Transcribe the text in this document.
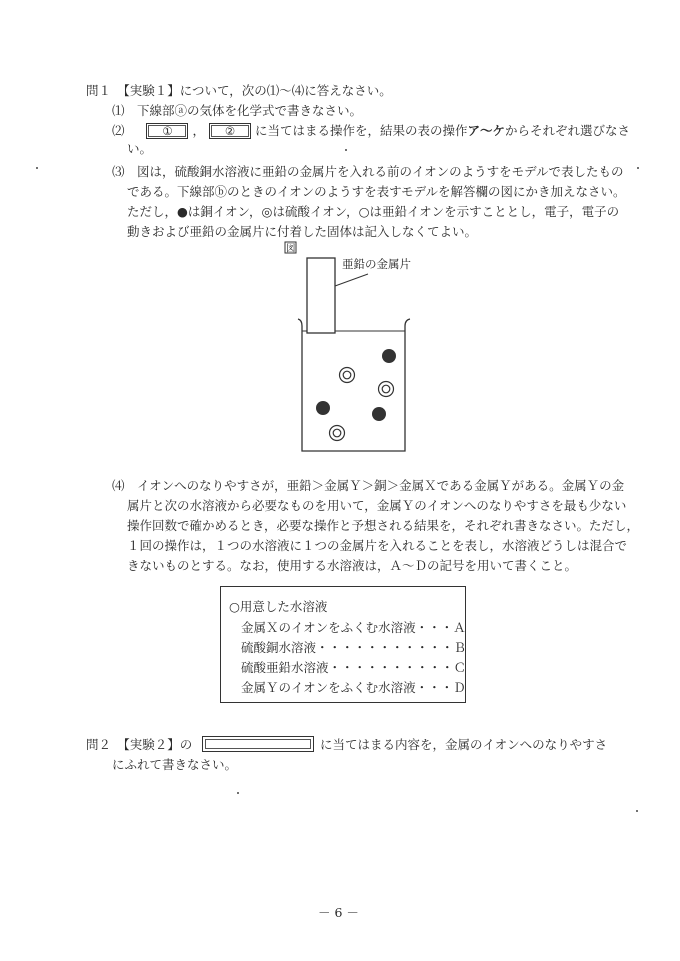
問１　【実験１】について，次の⑴〜⑷に答えなさい。
⑴　下線部ⓐの気体を化学式で書きなさい。
⑵	① ， ② に当てはまる操作を，結果の表の操作ア〜ケからそれぞれ選びなさ
い。
⑶　図は，硫酸銅水溶液に亜鉛の金属片を入れる前のイオンのようすをモデルで表したもの
である。下線部ⓑのときのイオンのようすを表すモデルを解答欄の図にかき加えなさい。
ただし，●は銅イオン，◎は硫酸イオン，○は亜鉛イオンを示すこととし，電子，電子の
動きおよび亜鉛の金属片に付着した固体は記入しなくてよい。
図
亜鉛の金属片
⑷　イオンへのなりやすさが，亜鉛＞金属Ｙ＞銅＞金属Ｘである金属Ｙがある。金属Ｙの金
属片と次の水溶液から必要なものを用いて，金属Ｙのイオンへのなりやすさを最も少ない
操作回数で確かめるとき，必要な操作と予想される結果を，それぞれ書きなさい。ただし，
１回の操作は，１つの水溶液に１つの金属片を入れることを表し，水溶液どうしは混合で
きないものとする。なお，使用する水溶液は，Ａ〜Ｄの記号を用いて書くこと。
○用意した水溶液
金属Ｘのイオンをふくむ水溶液・・・Ａ
硫酸銅水溶液・・・・・・・・・・・Ｂ
硫酸亜鉛水溶液・・・・・・・・・・Ｃ
金属Ｙのイオンをふくむ水溶液・・・Ｄ
問２　【実験２】の	に当てはまる内容を，金属のイオンへのなりやすさ
にふれて書きなさい。
－ 6 －
